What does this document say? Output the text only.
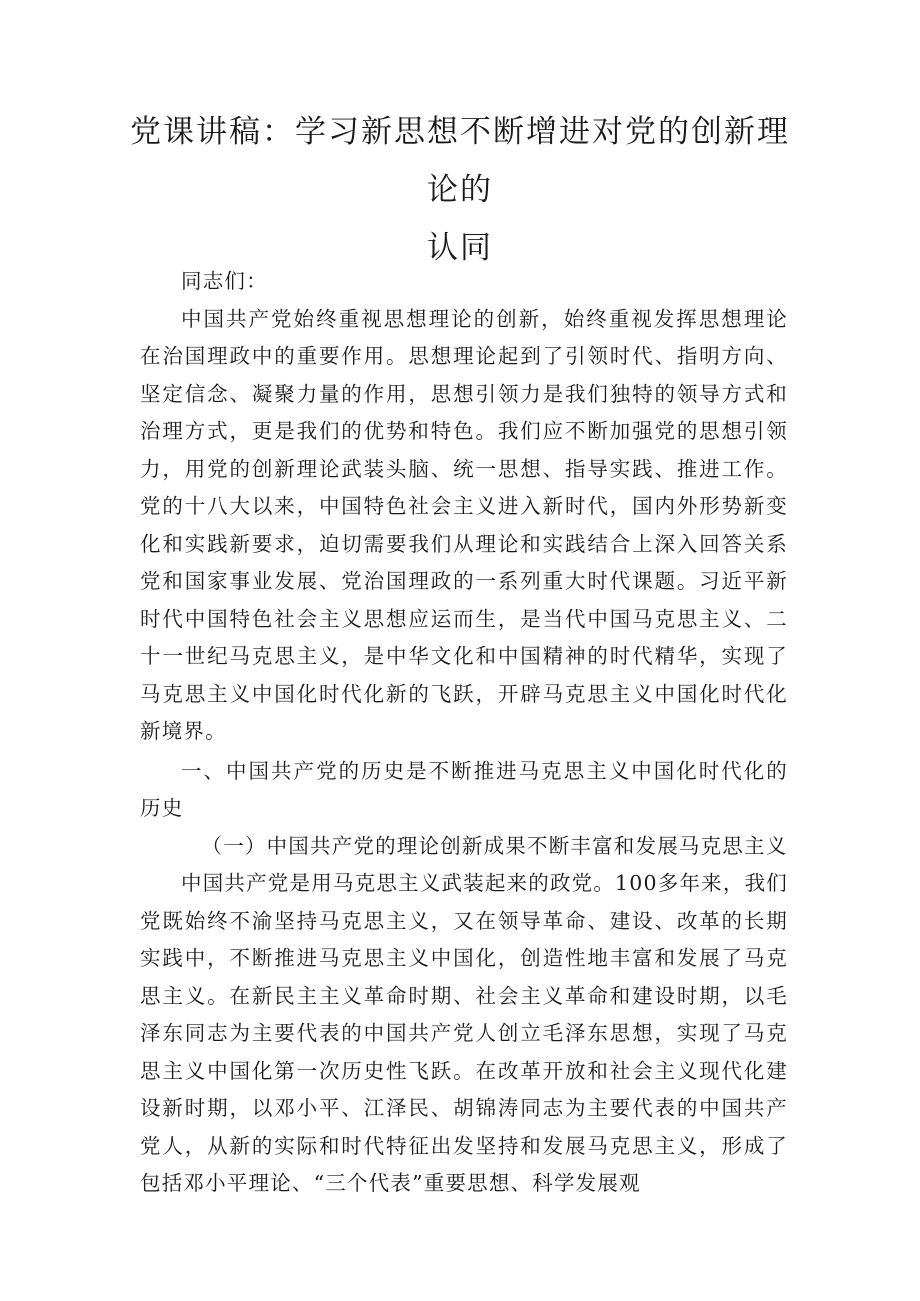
党课讲稿：学习新思想不断增进对党的创新理论的
认同

同志们：

中国共产党始终重视思想理论的创新，始终重视发挥思想理论在治国理政中的重要作用。思想理论起到了引领时代、指明方向、坚定信念、凝聚力量的作用，思想引领力是我们独特的领导方式和治理方式，更是我们的优势和特色。我们应不断加强党的思想引领力，用党的创新理论武装头脑、统一思想、指导实践、推进工作。党的十八大以来，中国特色社会主义进入新时代，国内外形势新变化和实践新要求，迫切需要我们从理论和实践结合上深入回答关系党和国家事业发展、党治国理政的一系列重大时代课题。习近平新时代中国特色社会主义思想应运而生，是当代中国马克思主义、二十一世纪马克思主义，是中华文化和中国精神的时代精华，实现了马克思主义中国化时代化新的飞跃，开辟马克思主义中国化时代化新境界。

一、中国共产党的历史是不断推进马克思主义中国化时代化的历史

（一）中国共产党的理论创新成果不断丰富和发展马克思主义

中国共产党是用马克思主义武装起来的政党。100多年来，我们党既始终不渝坚持马克思主义，又在领导革命、建设、改革的长期实践中，不断推进马克思主义中国化，创造性地丰富和发展了马克思主义。在新民主主义革命时期、社会主义革命和建设时期，以毛泽东同志为主要代表的中国共产党人创立毛泽东思想，实现了马克思主义中国化第一次历史性飞跃。在改革开放和社会主义现代化建设新时期，以邓小平、江泽民、胡锦涛同志为主要代表的中国共产党人，从新的实际和时代特征出发坚持和发展马克思主义，形成了包括邓小平理论、“三个代表”重要思想、科学发展观
